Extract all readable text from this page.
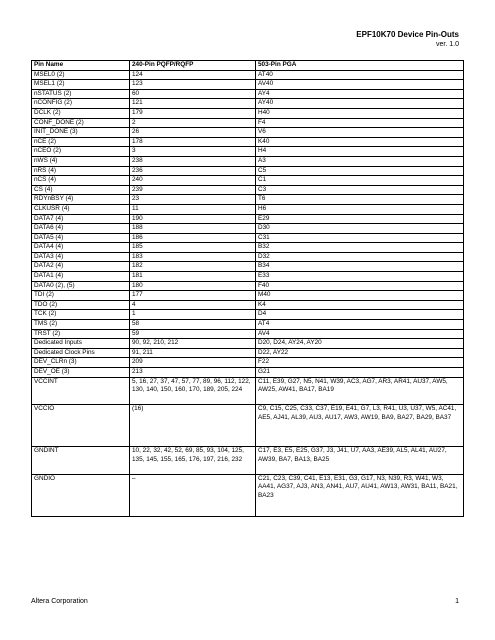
EPF10K70 Device Pin-Outs
ver. 1.0
Pin Name	240-Pin PQFP/RQFP	503-Pin PGA
MSEL0 (2)	124	AT40
MSEL1 (2)	123	AV40
nSTATUS (2)	60	AY4
nCONFIG (2)	121	AY40
DCLK (2)	179	H40
CONF_DONE (2)	2	F4
INIT_DONE (3)	26	V6
nCE (2)	178	K40
nCEO (2)	3	H4
nWS (4)	238	A3
nRS (4)	236	C5
nCS (4)	240	C1
CS (4)	239	C3
RDYnBSY (4)	23	T6
CLKUSR (4)	11	H6
DATA7 (4)	190	E29
DATA6 (4)	188	D30
DATA5 (4)	186	C31
DATA4 (4)	185	B32
DATA3 (4)	183	D32
DATA2 (4)	182	B34
DATA1 (4)	181	E33
DATA0 (2), (5)	180	F40
TDI (2)	177	M40
TDO (2)	4	K4
TCK (2)	1	D4
TMS (2)	58	AT4
TRST (2)	59	AV4
Dedicated Inputs	90, 92, 210, 212	D20, D24, AY24, AY20
Dedicated Clock Pins	91, 211	D22, AY22
DEV_CLRn (3)	209	F22
DEV_OE (3)	213	G21
VCCINT	5, 16, 27, 37, 47, 57, 77, 89, 96, 112, 122, 130, 140, 150, 160, 170, 189, 205, 224	C11, E39, G27, N5, N41, W39, AC3, AG7, AR3, AR41, AU37, AW5, AW25, AW41, BA17, BA19
VCCIO	(16)	C9, C15, C25, C33, C37, E19, E41, G7, L3, R41, U3, U37, W5, AC41, AE5, AJ41, AL39, AU3, AU17, AW3, AW19, BA9, BA27, BA29, BA37
GNDINT	10, 22, 32, 42, 52, 69, 85, 93, 104, 125, 135, 145, 155, 165, 176, 197, 216, 232	C17, E3, E5, E25, G37, J3, J41, U7, AA3, AE39, AL5, AL41, AU27, AW39, BA7, BA13, BA25
GNDIO	–	C21, C23, C39, C41, E13, E31, G3, G17, N3, N39, R3, W41, W3, AA41, AG37, AJ3, AN3, AN41, AU7, AU41, AW13, AW31, BA11, BA21, BA23
Altera Corporation	1
